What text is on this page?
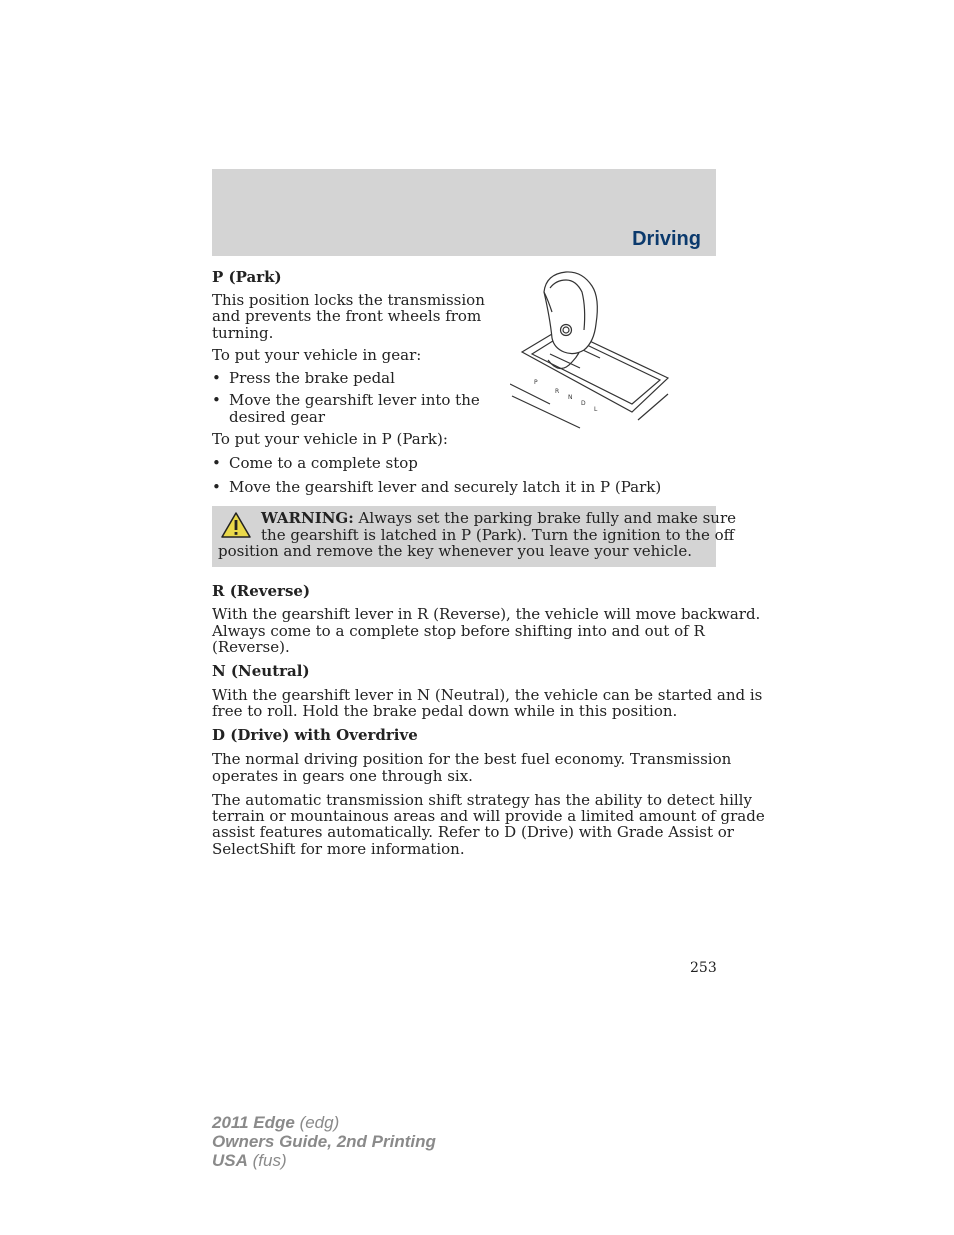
Driving
P (Park)
This position locks the transmission
and prevents the front wheels from
turning.
To put your vehicle in gear:
• Press the brake pedal
• Move the gearshift lever into the
desired gear
To put your vehicle in P (Park):
• Come to a complete stop
• Move the gearshift lever and securely latch it in P (Park)
P
R
N
D
L
WARNING: Always set the parking brake fully and make sure
the gearshift is latched in P (Park). Turn the ignition to the off
position and remove the key whenever you leave your vehicle.
R (Reverse)
With the gearshift lever in R (Reverse), the vehicle will move backward.
Always come to a complete stop before shifting into and out of R
(Reverse).
N (Neutral)
With the gearshift lever in N (Neutral), the vehicle can be started and is
free to roll. Hold the brake pedal down while in this position.
D (Drive) with Overdrive
The normal driving position for the best fuel economy. Transmission
operates in gears one through six.
The automatic transmission shift strategy has the ability to detect hilly
terrain or mountainous areas and will provide a limited amount of grade
assist features automatically. Refer to D (Drive) with Grade Assist or
SelectShift for more information.
253
2011 Edge (edg)
Owners Guide, 2nd Printing
USA (fus)
